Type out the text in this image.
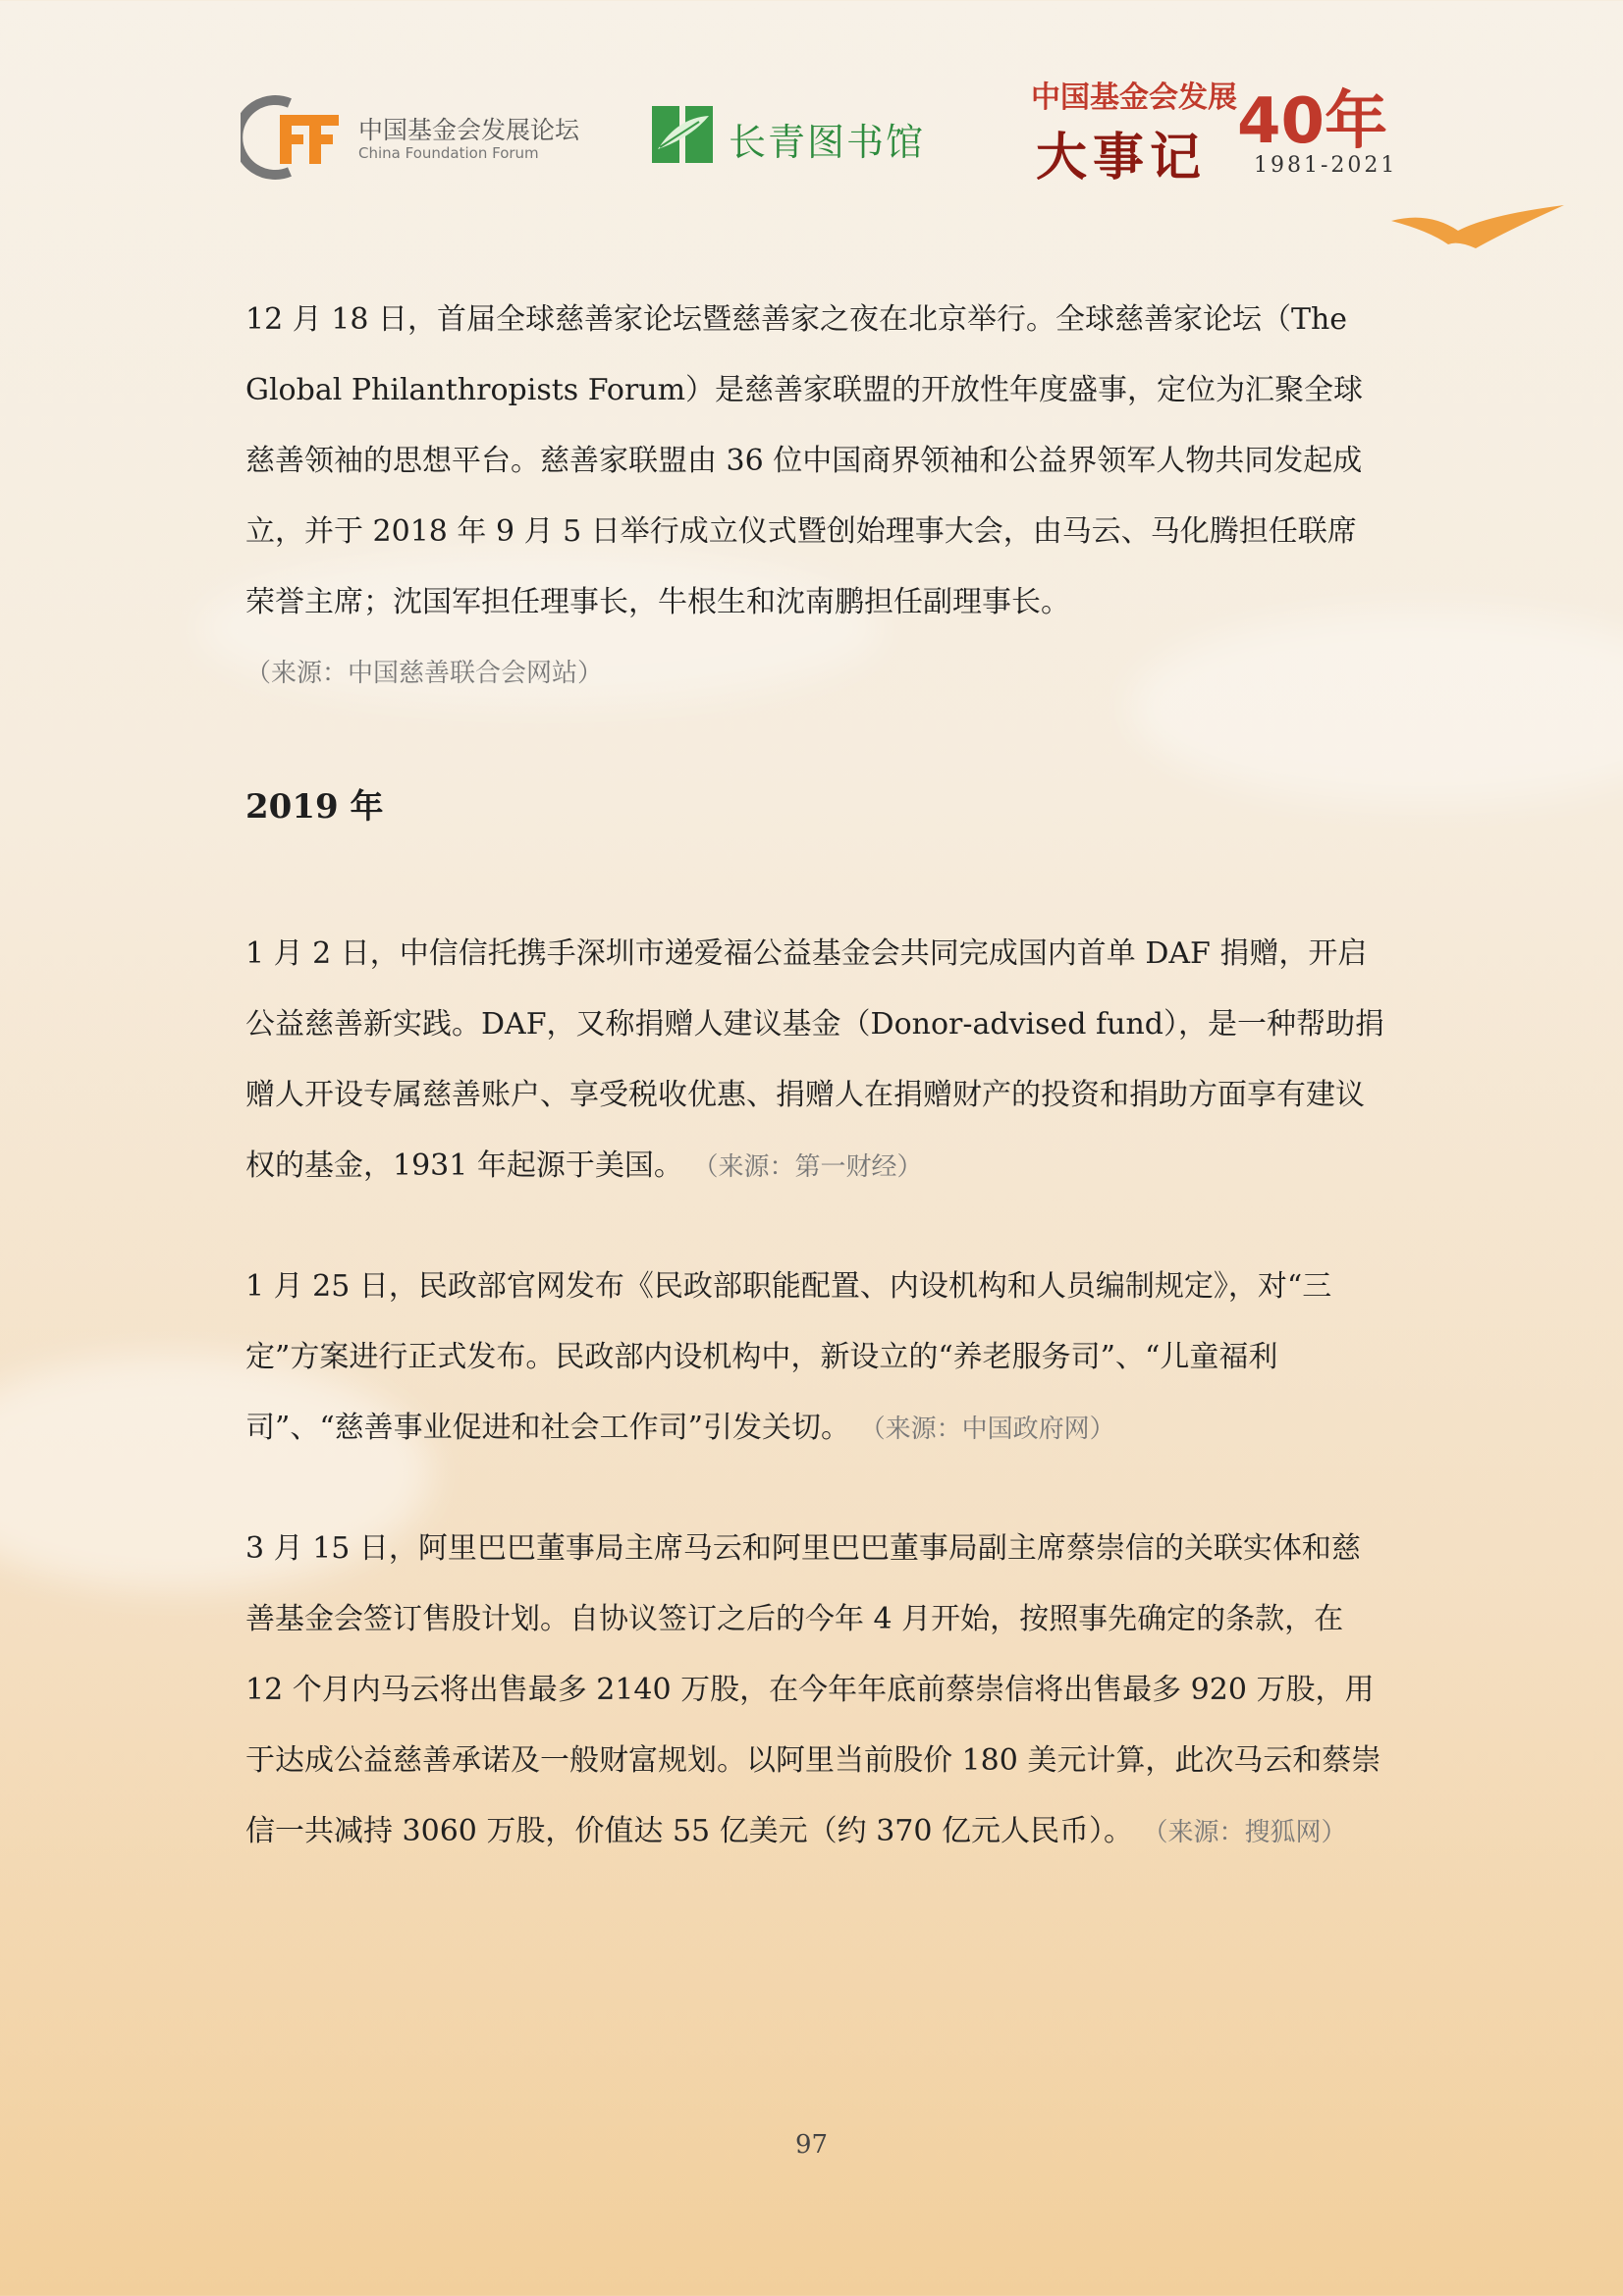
中国基金会发展论坛
China Foundation Forum	长青图书馆
中国基金会发展
大事记 40年
1981-2021

12 月 18 日，首届全球慈善家论坛暨慈善家之夜在北京举行。全球慈善家论坛（The Global Philanthropists Forum）是慈善家联盟的开放性年度盛事，定位为汇聚全球慈善领袖的思想平台。慈善家联盟由 36 位中国商界领袖和公益界领军人物共同发起成立，并于 2018 年 9 月 5 日举行成立仪式暨创始理事大会，由马云、马化腾担任联席荣誉主席；沈国军担任理事长，牛根生和沈南鹏担任副理事长。

（来源：中国慈善联合会网站）

2019 年

1 月 2 日，中信信托携手深圳市递爱福公益基金会共同完成国内首单 DAF 捐赠，开启公益慈善新实践。DAF，又称捐赠人建议基金（Donor-advised fund），是一种帮助捐赠人开设专属慈善账户、享受税收优惠、捐赠人在捐赠财产的投资和捐助方面享有建议权的基金，1931 年起源于美国。 （来源：第一财经）

1 月 25 日，民政部官网发布《民政部职能配置、内设机构和人员编制规定》，对“三定”方案进行正式发布。民政部内设机构中，新设立的“养老服务司”、“儿童福利司”、“慈善事业促进和社会工作司”引发关切。 （来源：中国政府网）

3 月 15 日，阿里巴巴董事局主席马云和阿里巴巴董事局副主席蔡崇信的关联实体和慈善基金会签订售股计划。自协议签订之后的今年 4 月开始，按照事先确定的条款，在 12 个月内马云将出售最多 2140 万股，在今年年底前蔡崇信将出售最多 920 万股，用于达成公益慈善承诺及一般财富规划。以阿里当前股价 180 美元计算，此次马云和蔡崇信一共减持 3060 万股，价值达 55 亿美元（约 370 亿元人民币）。 （来源：搜狐网）

97
